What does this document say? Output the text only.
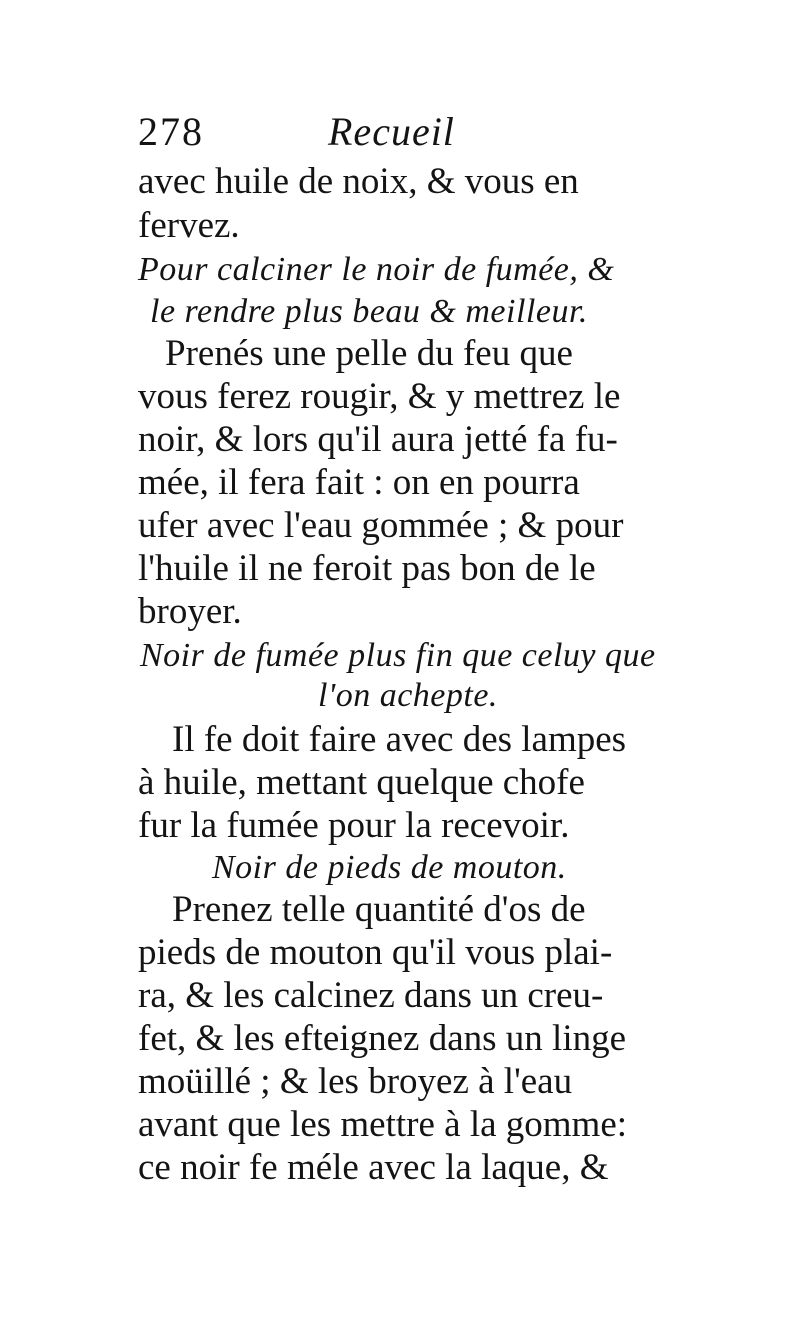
278	Recueil
avec huile de noix, & vous en
fervez.
Pour calciner le noir de fumée, &
le rendre plus beau & meilleur.
Prenés une pelle du feu que
vous ferez rougir, & y mettrez le
noir, & lors qu'il aura jetté fa fu-
mée, il fera fait : on en pourra
ufer avec l'eau gommée ; & pour
l'huile il ne feroit pas bon de le
broyer.
Noir de fumée plus fin que celuy que
l'on achepte.
Il fe doit faire avec des lampes
à huile, mettant quelque chofe
fur la fumée pour la recevoir.
Noir de pieds de mouton.
Prenez telle quantité d'os de
pieds de mouton qu'il vous plai-
ra, & les calcinez dans un creu-
fet, & les efteignez dans un linge
moüillé ; & les broyez à l'eau
avant que les mettre à la gomme:
ce noir fe méle avec la laque, &
